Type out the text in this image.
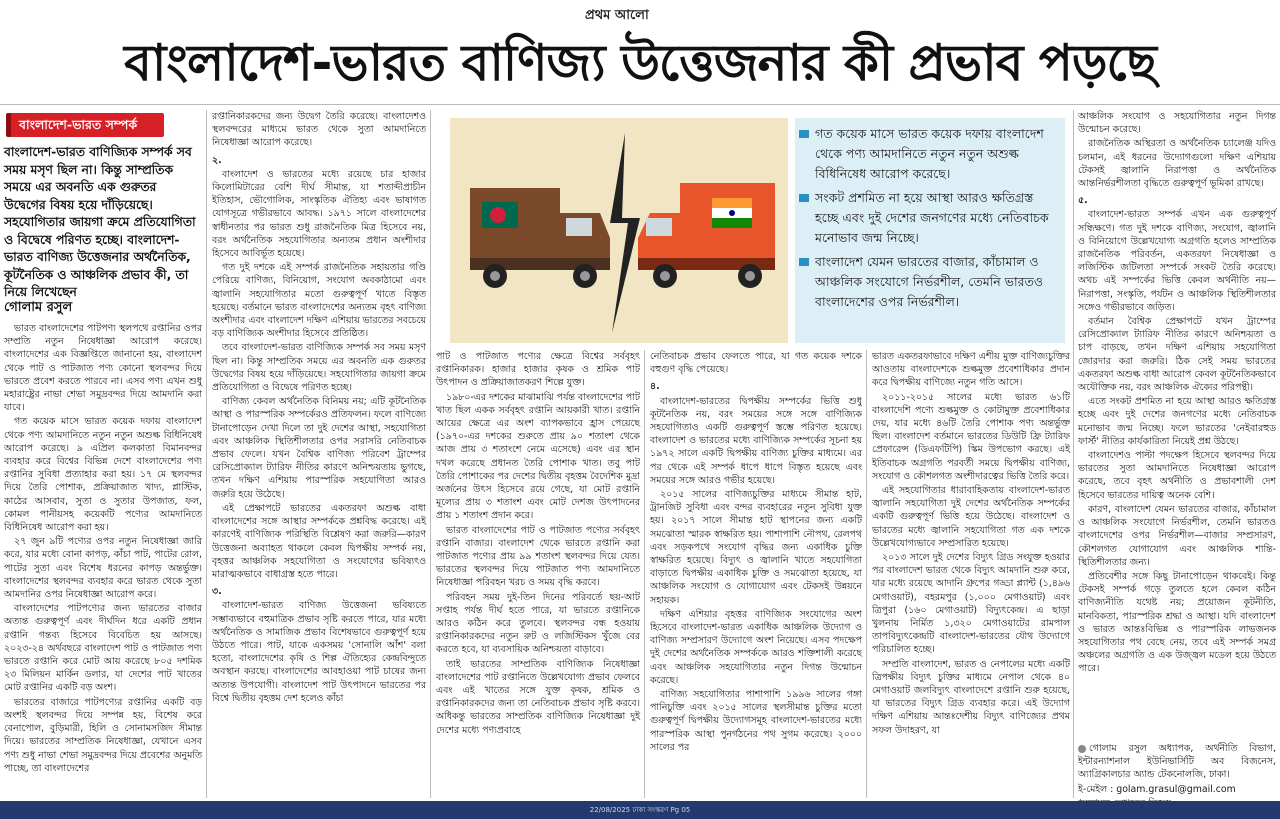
প্রথম আলো
বাংলাদেশ-ভারত বাণিজ্য উত্তেজনার কী প্রভাব পড়ছে
বাংলাদেশ-ভারত সম্পর্ক
বাংলাদেশ-ভারত বাণিজ্যিক সম্পর্ক সব সময় মসৃণ ছিল না। কিন্তু সাম্প্রতিক সময়ে এর অবনতি এক গুরুতর উদ্বেগের বিষয় হয়ে দাঁড়িয়েছে। সহযোগিতার জায়গা ক্রমে প্রতিযোগিতা ও বিদ্বেষে পরিণত হচ্ছে। বাংলাদেশ-ভারত বাণিজ্য উত্তেজনার অর্থনৈতিক, কূটনৈতিক ও আঞ্চলিক প্রভাব কী, তা নিয়ে লিখেছেন
গোলাম রসুল

ভারত বাংলাদেশের পাটপণ্য স্থলপথে রপ্তানির ওপর সম্প্রতি নতুন নিষেধাজ্ঞা আরোপ করেছে। বাংলাদেশের এক বিজ্ঞপ্তিতে জানানো হয়, বাংলাদেশ থেকে পাট ও পাটজাত পণ্য কোনো স্থলবন্দর দিয়ে ভারতে প্রবেশ করতে পারবে না। এসব পণ্য এখন শুধু মহারাষ্ট্রের নাভা শেভা সমুদ্রবন্দর দিয়ে আমদানি করা যাবে।

গত কয়েক মাসে ভারত কয়েক দফায় বাংলাদেশ থেকে পণ্য আমদানিতে নতুন নতুন অশুল্ক বিধিনিষেধ আরোপ করেছে। ৯ এপ্রিল কলকাতা বিমানবন্দর ব্যবহার করে বিশ্বের বিভিন্ন দেশে বাংলাদেশের পণ্য রপ্তানির সুবিধা প্রত্যাহার করা হয়। ১৭ মে স্থলবন্দর দিয়ে তৈরি পোশাক, প্রক্রিয়াজাত খাদ্য, প্লাস্টিক, কাঠের আসবাব, সুতা ও সুতার উপজাত, ফল, কোমল পানীয়সহ কয়েকটি পণ্যের আমদানিতে বিধিনিষেধ আরোপ করা হয়।

২৭ জুন ৯টি পণ্যের ওপর নতুন নিষেধাজ্ঞা জারি করে, যার মধ্যে বোনা কাপড়, কাঁচা পাট, পাটের রোল, পাটের সুতা এবং বিশেষ ধরনের কাপড় অন্তর্ভুক্ত। বাংলাদেশের স্থলবন্দর ব্যবহার করে ভারত থেকে সুতা আমদানির ওপর নিষেধাজ্ঞা আরোপ করে।

বাংলাদেশের পাটপণ্যের জন্য ভারতের বাজার অত্যন্ত গুরুত্বপূর্ণ এবং দীর্ঘদিন ধরে একটি প্রধান রপ্তানি গন্তব্য হিসেবে বিবেচিত হয় আসছে। ২০২৩-২৪ অর্থবছরে বাংলাদেশ পাট ও পাটজাত পণ্য ভারতে রপ্তানি করে মোট আয় করেছে ৮০৫ দশমিক ২৩ মিলিয়ন মার্কিন ডলার, যা দেশের পাট খাতের মোট রপ্তানির একটি বড় অংশ।

ভারতের বাজারে পাটপণ্যের রপ্তানির একটি বড় অংশই স্থলবন্দর দিয়ে সম্পন্ন হয়, বিশেষ করে বেনাপোল, বুড়িমারী, হিলি ও সোনামসজিদ সীমান্ত দিয়ে। ভারতের সাম্প্রতিক নিষেধাজ্ঞা, যেখানে এসব পণ্য শুধু নাভা শেভা সমুদ্রবন্দর দিয়ে প্রবেশের অনুমতি পাচ্ছে, তা বাংলাদেশের

রপ্তানিকারকদের জন্য উদ্বেগ তৈরি করেছে। বাংলাদেশও স্থলবন্দরের মাধ্যমে ভারত থেকে সুতা আমদানিতে নিষেধাজ্ঞা আরোপ করেছে।

২.

বাংলাদেশ ও ভারতের মধ্যে রয়েছে চার হাজার কিলোমিটারের বেশি দীর্ঘ সীমান্ত, যা শতাব্দীপ্রাচীন ইতিহাস, ভৌগোলিক, সাংস্কৃতিক ঐতিহ্য এবং ভাষাগত যোগসূত্রে গভীরভাবে আবদ্ধ। ১৯৭১ সালে বাংলাদেশের স্বাধীনতার পর ভারত শুধু রাজনৈতিক মিত্র হিসেবে নয়, বরং অর্থনৈতিক সহযোগিতার অন্যতম প্রধান অংশীদার হিসেবে আবির্ভূত হয়েছে।

গত দুই দশকে এই সম্পর্ক রাজনৈতিক সহায়তার গণ্ডি পেরিয়ে বাণিজ্য, বিনিয়োগ, সংযোগ অবকাঠামো এবং জ্বালানি সহযোগিতার মতো গুরুত্বপূর্ণ খাতে বিস্তৃত হয়েছে। বর্তমানে ভারত বাংলাদেশের অন্যতম বৃহৎ বাণিজ্য অংশীদার এবং বাংলাদেশ দক্ষিণ এশিয়ায় ভারতের সবচেয়ে বড় বাণিজ্যিক অংশীদার হিসেবে প্রতিষ্ঠিত।

তবে বাংলাদেশ-ভারত বাণিজ্যিক সম্পর্ক সব সময় মসৃণ ছিল না। কিন্তু সাম্প্রতিক সময়ে এর অবনতি এক গুরুতর উদ্বেগের বিষয় হয়ে দাঁড়িয়েছে। সহযোগিতার জায়গা ক্রমে প্রতিযোগিতা ও বিদ্বেষে পরিণত হচ্ছে।

বাণিজ্য কেবল অর্থনৈতিক বিনিময় নয়; এটি কূটনৈতিক আস্থা ও পারস্পরিক সম্পর্কেরও প্রতিফলন। ফলে বাণিজ্যে টানাপোড়েন দেখা দিলে তা দুই দেশের আস্থা, সহযোগিতা এবং আঞ্চলিক স্থিতিশীলতার ওপর সরাসরি নেতিবাচক প্রভাব ফেলে। যখন বৈশ্বিক বাণিজ্য পরিবেশ ট্রাম্পের রেসিপ্রোক্যাল ট্যারিফ নীতির কারণে অনিশ্চয়তায় ভুগছে, তখন দক্ষিণ এশিয়ায় পারস্পরিক সহযোগিতা আরও জরুরি হয়ে উঠেছে।

এই প্রেক্ষাপটে ভারতের একতরফা অশুল্ক বাধা বাংলাদেশের সঙ্গে আস্থার সম্পর্ককে প্রশ্নবিদ্ধ করেছে। এই কারণেই বাণিজ্যিক পরিস্থিতি বিশ্লেষণ করা জরুরি—কারণ উত্তেজনা অব্যাহত থাকলে কেবল দ্বিপক্ষীয় সম্পর্ক নয়, বৃহত্তর আঞ্চলিক সহযোগিতা ও সংযোগের ভবিষ্যৎও মারাত্মকভাবে বাধাগ্রস্ত হতে পারে।

৩.

বাংলাদেশ-ভারত বাণিজ্য উত্তেজনা ভবিষ্যতে সম্ভাব্যভাবে বহুমাত্রিক প্রভাব সৃষ্টি করতে পারে, যার মধ্যে অর্থনৈতিক ও সামাজিক প্রভাব বিশেষভাবে গুরুত্বপূর্ণ হয়ে উঠতে পারে। পাট, যাকে একসময় 'সোনালি আঁশ' বলা হতো, বাংলাদেশের কৃষি ও শিল্প ঐতিহ্যের কেন্দ্রবিন্দুতে অবস্থান করছে। বাংলাদেশের আবহাওয়া পাট চাষের জন্য অত্যন্ত উপযোগী। বাংলাদেশ পাট উৎপাদনে ভারতের পর বিশ্বে দ্বিতীয় বৃহত্তম দেশ হলেও কাঁচা

গত কয়েক মাসে ভারত কয়েক দফায় বাংলাদেশ থেকে পণ্য আমদানিতে নতুন নতুন অশুল্ক বিধিনিষেধ আরোপ করেছে।
সংকট প্রশমিত না হয়ে আস্থা আরও ক্ষতিগ্রস্ত হচ্ছে এবং দুই দেশের জনগণের মধ্যে নেতিবাচক মনোভাব জন্ম নিচ্ছে।
বাংলাদেশ যেমন ভারতের বাজার, কাঁচামাল ও আঞ্চলিক সংযোগে নির্ভরশীল, তেমনি ভারতও বাংলাদেশের ওপর নির্ভরশীল।

পাট ও পাটজাত পণ্যের ক্ষেত্রে বিশ্বের সর্ববৃহৎ রপ্তানিকারক। হাজার হাজার কৃষক ও শ্রমিক পাট উৎপাদন ও প্রক্রিয়াজাতকরণ শিল্পে যুক্ত।

১৯৮০-এর দশকের মাঝামাঝি পর্যন্ত বাংলাদেশের পাট খাত ছিল একক সর্ববৃহৎ রপ্তানি আয়কারী খাত। রপ্তানি আয়ের ক্ষেত্রে এর অংশ ব্যাপকভাবে হ্রাস পেয়েছে (১৯৭০-এর দশকের শুরুতে প্রায় ৯০ শতাংশ থেকে আজ প্রায় ৩ শতাংশে নেমে এসেছে) এবং এর স্থান দখল করেছে প্রধানত তৈরি পোশাক খাত। তবু পাট তৈরি পোশাকের পর দেশের দ্বিতীয় বৃহত্তম বৈদেশিক মুদ্রা অর্জনের উৎস হিসেবে রয়ে গেছে, যা মোট রপ্তানি মূল্যের প্রায় ৩ শতাংশ এবং মোট দেশজ উৎপাদনের প্রায় ১ শতাংশ প্রদান করে।

ভারত বাংলাদেশের পাট ও পাটজাত পণ্যের সর্ববৃহৎ রপ্তানি বাজার। বাংলাদেশ থেকে ভারতে রপ্তানি করা পাটজাত পণ্যের প্রায় ৯৯ শতাংশ স্থলবন্দর দিয়ে যেত। ভারতের স্থলবন্দর দিয়ে পাটজাত পণ্য আমদানিতে নিষেধাজ্ঞা পরিবহন খরচ ও সময় বৃদ্ধি করবে।

পরিবহন সময় দুই-তিন দিনের পরিবর্তে ছয়-আট সপ্তাহ পর্যন্ত দীর্ঘ হতে পারে, যা ভারতে রপ্তানিকে আরও কঠিন করে তুলবে। স্থলবন্দর বন্ধ হওয়ায় রপ্তানিকারকদের নতুন রুট ও লজিস্টিকস খুঁজে বের করতে হবে, যা ব্যবসায়িক অনিশ্চয়তা বাড়াবে।

তাই ভারতের সাম্প্রতিক বাণিজ্যিক নিষেধাজ্ঞা বাংলাদেশের পাট রপ্তানিতে উল্লেখযোগ্য প্রভাব ফেলবে এবং এই খাতের সঙ্গে যুক্ত কৃষক, শ্রমিক ও রপ্তানিকারকদের জন্য তা নেতিবাচক প্রভাব সৃষ্টি করবে। অধিকন্তু ভারতের সাম্প্রতিক বাণিজ্যিক নিষেধাজ্ঞা দুই দেশের মধ্যে পণ্যপ্রবাহে

নেতিবাচক প্রভাব ফেলতে পারে, যা গত কয়েক দশকে বহুগুণ বৃদ্ধি পেয়েছে।

৪.

বাংলাদেশ-ভারতের দ্বিপক্ষীয় সম্পর্কের ভিত্তি শুধু কূটনৈতিক নয়, বরং সময়ের সঙ্গে সঙ্গে বাণিজ্যিক সহযোগিতাও একটি গুরুত্বপূর্ণ স্তম্ভে পরিণত হয়েছে। বাংলাদেশ ও ভারতের মধ্যে বাণিজ্যিক সম্পর্কের সূচনা হয় ১৯৭২ সালে একটি দ্বিপক্ষীয় বাণিজ্য চুক্তির মাধ্যমে। এর পর থেকে এই সম্পর্ক ধাপে ধাপে বিস্তৃত হয়েছে এবং সময়ের সঙ্গে আরও গভীর হয়েছে।

২০১৫ সালের বাণিজ্যচুক্তির মাধ্যমে সীমান্ত হাট, ট্রানজিট সুবিধা এবং বন্দর ব্যবহারের নতুন সুবিধা যুক্ত হয়। ২০১৭ সালে সীমান্ত হাট স্থাপনের জন্য একটি সমঝোতা স্মারক স্বাক্ষরিত হয়। পাশাপাশি নৌপথ, রেলপথ এবং সড়কপথে সংযোগ বৃদ্ধির জন্য একাধিক চুক্তি স্বাক্ষরিত হয়েছে। বিদ্যুৎ ও জ্বালানি খাতে সহযোগিতা বাড়াতে দ্বিপক্ষীয় একাধিক চুক্তি ও সমঝোতা হয়েছে, যা আঞ্চলিক সংযোগ ও যোগাযোগ এবং টেকসই উন্নয়নে সহায়ক।

দক্ষিণ এশিয়ার বৃহত্তর বাণিজ্যিক সংযোগের অংশ হিসেবে বাংলাদেশ-ভারত একাধিক আঞ্চলিক উদ্যোগ ও বাণিজ্য সম্প্রসারণ উদ্যোগে অংশ নিয়েছে। এসব পদক্ষেপ দুই দেশের অর্থনৈতিক সম্পর্ককে আরও শক্তিশালী করেছে এবং আঞ্চলিক সহযোগিতার নতুন দিগন্ত উন্মোচন করেছে।

বাণিজ্য সহযোগিতার পাশাপাশি ১৯৯৬ সালের গঙ্গা পানিচুক্তি এবং ২০১৫ সালের স্থলসীমান্ত চুক্তির মতো গুরুত্বপূর্ণ দ্বিপক্ষীয় উদ্যোগসমূহ বাংলাদেশ-ভারতের মধ্যে পারস্পরিক আস্থা পুনর্গঠনের পথ সুগম করেছে। ২০০০ সালের পর

ভারত একতরফাভাবে দক্ষিণ এশীয় মুক্ত বাণিজ্যচুক্তির আওতায় বাংলাদেশকে শুল্কমুক্ত প্রবেশাধিকার প্রদান করে দ্বিপক্ষীয় বাণিজ্যে নতুন গতি আসে।

২০১১-২০১৫ সালের মধ্যে ভারত ৬১টি বাংলাদেশি পণ্যে শুল্কমুক্ত ও কোটামুক্ত প্রবেশাধিকার দেয়, যার মধ্যে ৪৬টি তৈরি পোশাক পণ্য অন্তর্ভুক্ত ছিল। বাংলাদেশ বর্তমানে ভারতের ডিউটি ফ্রি ট্যারিফ প্রেফারেন্স (ডিএফটিপি) স্কিম উপভোগ করছে। এই ইতিবাচক অগ্রগতি পরবর্তী সময়ে দ্বিপক্ষীয় বাণিজ্য, সংযোগ ও কৌশলগত অংশীদারত্বের ভিত্তি তৈরি করে।

এই সহযোগিতার ধারাবাহিকতায় বাংলাদেশ-ভারত জ্বালানি সহযোগিতা দুই দেশের অর্থনৈতিক সম্পর্কের একটি গুরুত্বপূর্ণ ভিত্তি হয়ে উঠেছে। বাংলাদেশ ও ভারতের মধ্যে জ্বালানি সহযোগিতা গত এক দশকে উল্লেখযোগ্যভাবে সম্প্রসারিত হয়েছে।

২০১৩ সালে দুই দেশের বিদ্যুৎ গ্রিড সংযুক্ত হওয়ার পর বাংলাদেশ ভারত থেকে বিদ্যুৎ আমদানি শুরু করে, যার মধ্যে রয়েছে আদানি গ্রুপের গড্ডা প্ল্যান্ট (১,৪৯৬ মেগাওয়াট), বহরমপুর (১,০০০ মেগাওয়াট) এবং ত্রিপুরা (১৬০ মেগাওয়াট) বিদ্যুৎকেন্দ্র। এ ছাড়া খুলনায় নির্মিত ১,৩২০ মেগাওয়াটের রামপাল তাপবিদ্যুৎকেন্দ্রটি বাংলাদেশ-ভারতের যৌথ উদ্যোগে পরিচালিত হচ্ছে।

সম্প্রতি বাংলাদেশ, ভারত ও নেপালের মধ্যে একটি ত্রিপক্ষীয় বিদ্যুৎ চুক্তির মাধ্যমে নেপাল থেকে ৪০ মেগাওয়াট জলবিদ্যুৎ বাংলাদেশে রপ্তানি শুরু হয়েছে, যা ভারতের বিদ্যুৎ গ্রিড ব্যবহার করে। এই উদ্যোগ দক্ষিণ এশিয়ায় আন্তঃদেশীয় বিদ্যুৎ বাণিজ্যের প্রথম সফল উদাহরণ, যা

আঞ্চলিক সংযোগ ও সহযোগিতার নতুন দিগন্ত উন্মোচন করেছে।

রাজনৈতিক অস্থিরতা ও অর্থনৈতিক চ্যালেঞ্জ যদিও চলমান, এই ধরনের উদ্যোগগুলো দক্ষিণ এশিয়ায় টেকসই জ্বালানি নিরাপত্তা ও অর্থনৈতিক আন্তনির্ভরশীলতা বৃদ্ধিতে গুরুত্বপূর্ণ ভূমিকা রাখছে।

৫.

বাংলাদেশ-ভারত সম্পর্ক এখন এক গুরুত্বপূর্ণ সন্ধিক্ষণে। গত দুই দশকে বাণিজ্য, সংযোগ, জ্বালানি ও বিনিয়োগে উল্লেখযোগ্য অগ্রগতি হলেও সাম্প্রতিক রাজনৈতিক পরিবর্তন, একতরফা নিষেধাজ্ঞা ও লজিস্টিক জটিলতা সম্পর্কে সংকট তৈরি করেছে। অথচ এই সম্পর্কের ভিত্তি কেবল অর্থনীতি নয়—নিরাপত্তা, সংস্কৃতি, পর্যটন ও আঞ্চলিক স্থিতিশীলতার সঙ্গেও গভীরভাবে জড়িত।

বর্তমান বৈশ্বিক প্রেক্ষাপটে যখন ট্রাম্পের রেসিপ্রোক্যাল ট্যারিফ নীতির কারণে অনিশ্চয়তা ও চাপ বাড়ছে, তখন দক্ষিণ এশিয়ায় সহযোগিতা জোরদার করা জরুরি। ঠিক সেই সময় ভারতের একতরফা অশুল্ক বাধা আরোপ কেবল কূটনৈতিকভাবে অযৌক্তিক নয়, বরং আঞ্চলিক ঐক্যের পরিপন্থী।

এতে সংকট প্রশমিত না হয়ে আস্থা আরও ক্ষতিগ্রস্ত হচ্ছে এবং দুই দেশের জনগণের মধ্যে নেতিবাচক মনোভাব জন্ম নিচ্ছে। ফলে ভারতের 'নেইবারহুড ফার্স্ট' নীতির কার্যকারিতা নিয়েই প্রশ্ন উঠছে।

বাংলাদেশও পাল্টা পদক্ষেপ হিসেবে স্থলবন্দর দিয়ে ভারতের সুতা আমদানিতে নিষেধাজ্ঞা আরোপ করেছে, তবে বৃহৎ অর্থনীতি ও প্রভাবশালী দেশ হিসেবে ভারতের দায়িত্ব অনেক বেশি।

কারণ, বাংলাদেশ যেমন ভারতের বাজার, কাঁচামাল ও আঞ্চলিক সংযোগে নির্ভরশীল, তেমনি ভারতও বাংলাদেশের ওপর নির্ভরশীল—বাজার সম্প্রসারণ, কৌশলগত যোগাযোগ এবং আঞ্চলিক শান্তি-স্থিতিশীলতার জন্য।

প্রতিবেশীর সঙ্গে কিছু টানাপোড়েন থাকবেই। কিন্তু টেকসই সম্পর্ক গড়ে তুলতে হলে কেবল কঠিন বাণিজ্যনীতি যথেষ্ট নয়; প্রয়োজন কূটনীতি, মানবিকতা, পারস্পরিক শ্রদ্ধা ও আস্থা। যদি বাংলাদেশ ও ভারত আন্তঃবিভিন্ন ও পারস্পরিক লাভজনক সহযোগিতার পথ বেছে নেয়, তবে এই সম্পর্ক সমগ্র অঞ্চলের অগ্রগতি ও এক উজ্জ্বল মডেল হয়ে উঠতে পারে।

গোলাম রসুল অধ্যাপক, অর্থনীতি বিভাগ, ইন্টারন্যাশনাল ইউনিভার্সিটি অব বিজনেস, অ্যাগ্রিকালচার অ্যান্ড টেকনোলজি, ঢাকা।

ই-মেইল : golam.grasul@gmail.com

22/08/2025 ঢাকা সংস্করণ Pg 05
